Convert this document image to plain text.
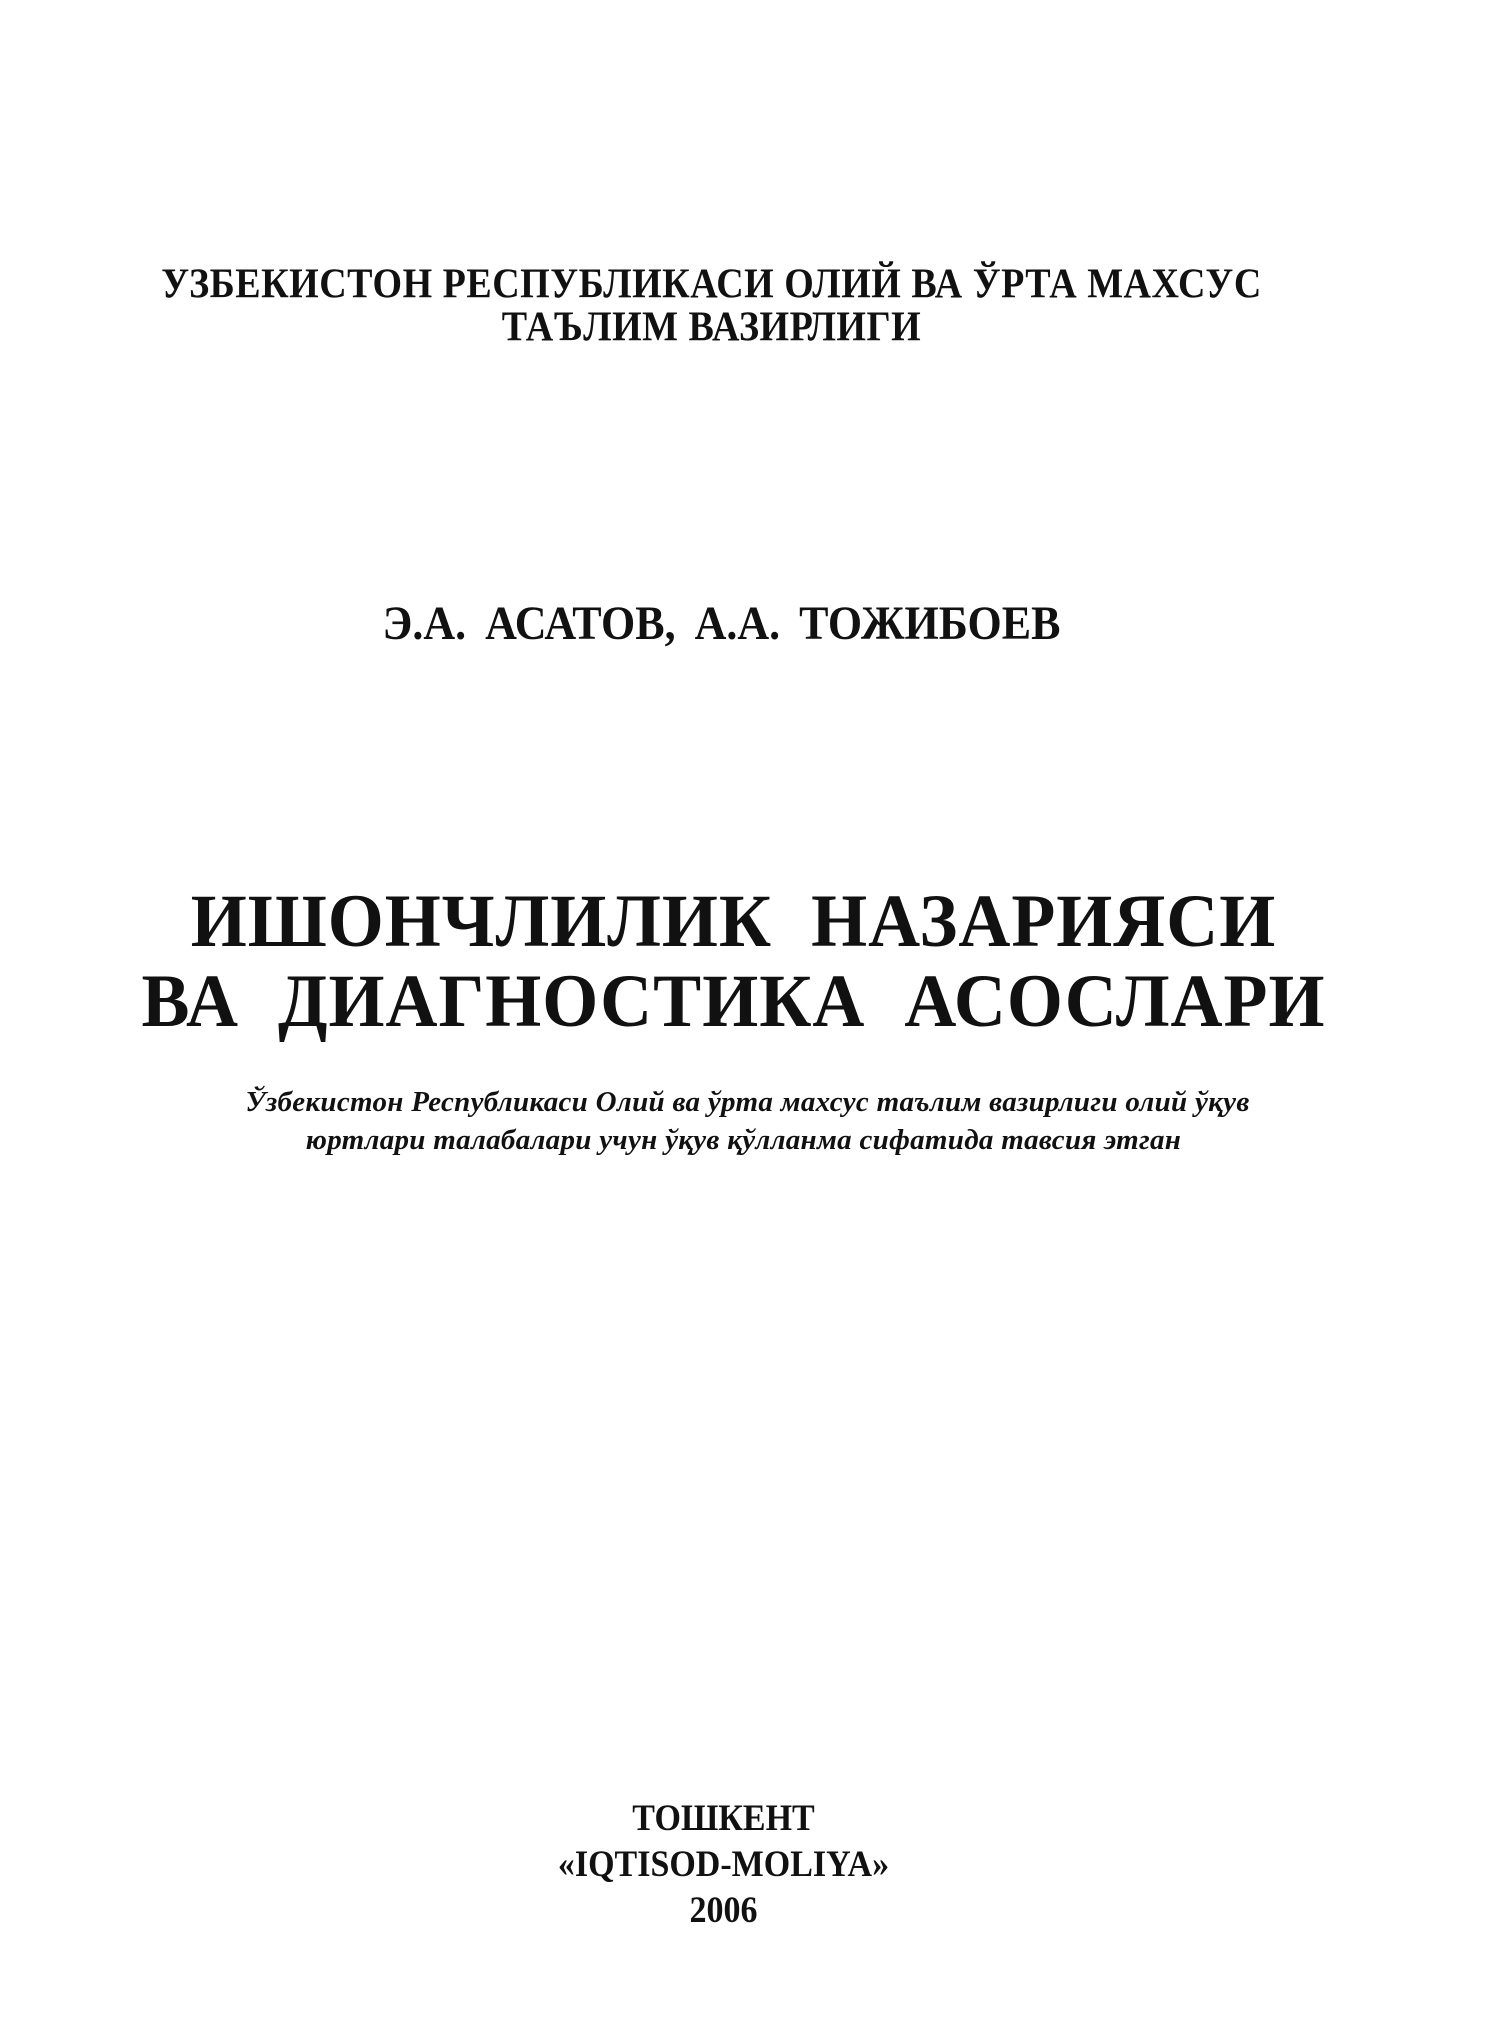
УЗБЕКИСТОН РЕСПУБЛИКАСИ ОЛИЙ ВА ЎРТА МАХСУС
ТАЪЛИМ ВАЗИРЛИГИ
Э.А. АСАТОВ, А.А. ТОЖИБОЕВ
ИШОНЧЛИЛИК НАЗАРИЯСИ
ВА ДИАГНОСТИКА АСОСЛАРИ
Ўзбекистон Республикаси Олий ва ўрта махсус таълим вазирлиги олий ўқув
юртлари талабалари учун ўқув қўлланма сифатида тавсия этган
ТОШКЕНТ
«IQTISOD-MOLIYA»
2006
